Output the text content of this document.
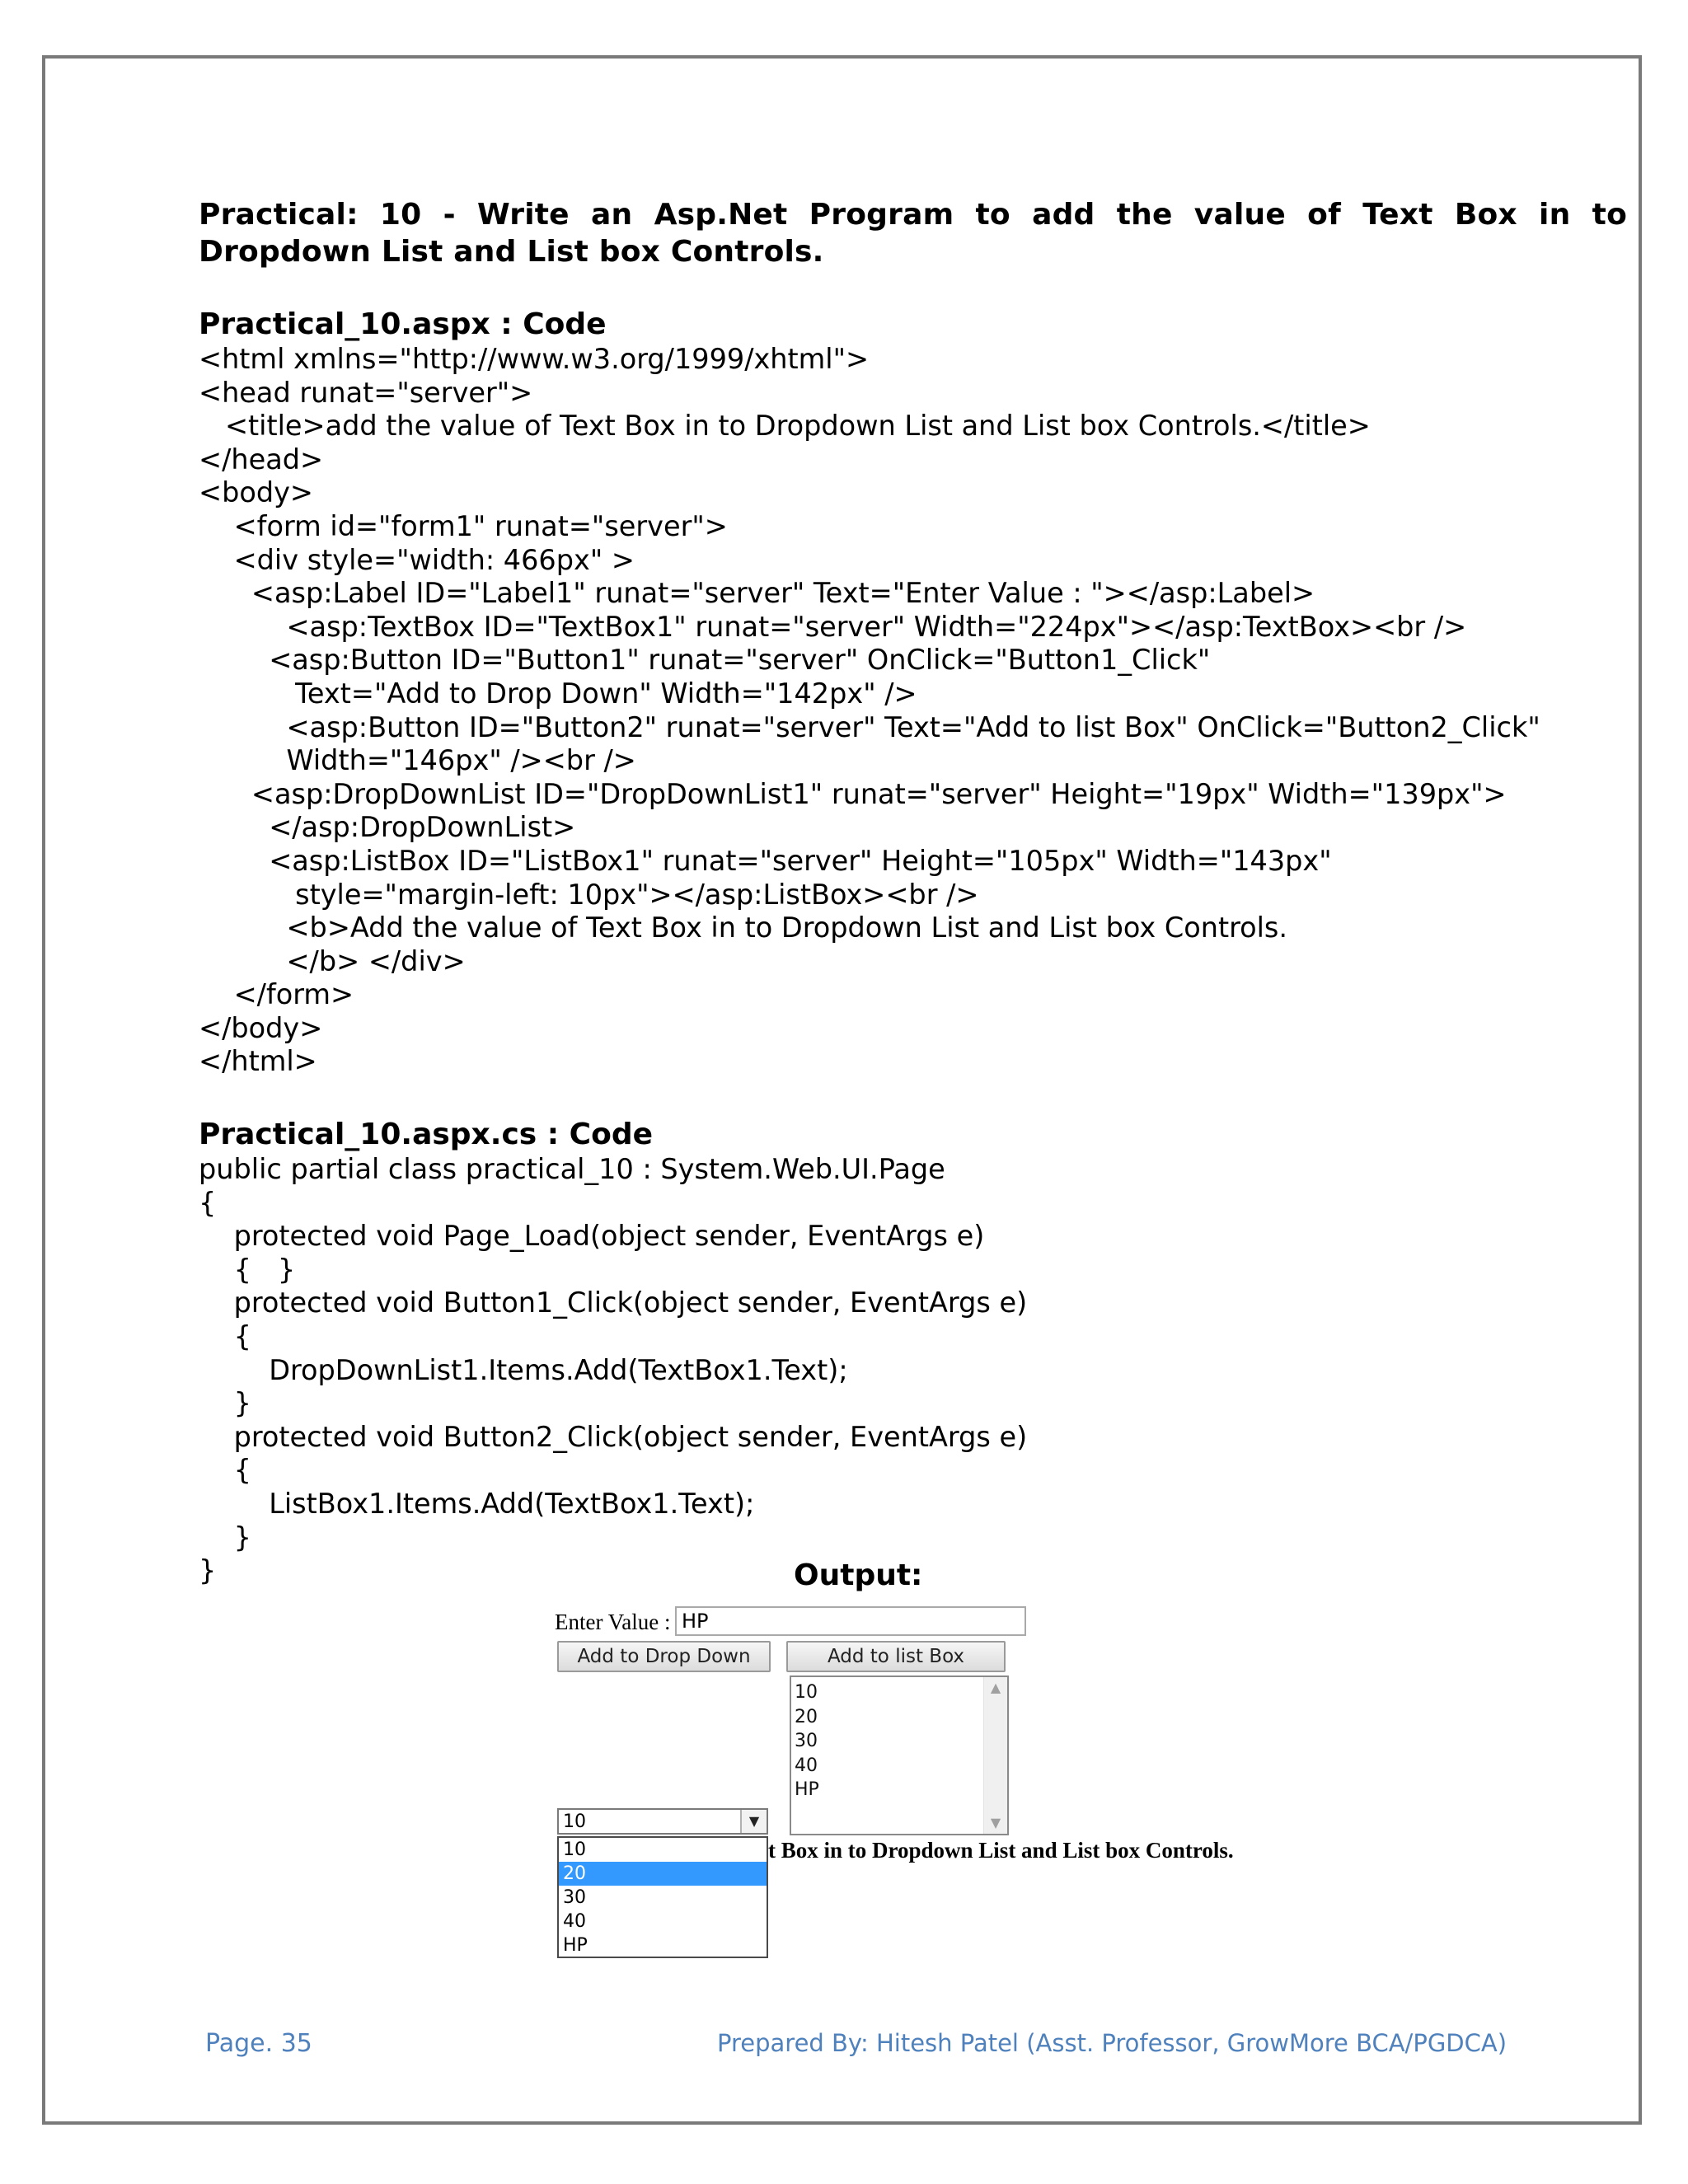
Practical: 10 - Write an Asp.Net Program to add the value of Text Box in to
Dropdown List and List box Controls.
Practical_10.aspx : Code
<html xmlns="http://www.w3.org/1999/xhtml">
<head runat="server">
<title>add the value of Text Box in to Dropdown List and List box Controls.</title>
</head>
<body>
<form id="form1" runat="server">
<div style="width: 466px" >
<asp:Label ID="Label1" runat="server" Text="Enter Value : "></asp:Label>
<asp:TextBox ID="TextBox1" runat="server" Width="224px"></asp:TextBox><br />
<asp:Button ID="Button1" runat="server" OnClick="Button1_Click"
Text="Add to Drop Down" Width="142px" />
<asp:Button ID="Button2" runat="server" Text="Add to list Box" OnClick="Button2_Click"
Width="146px" /><br />
<asp:DropDownList ID="DropDownList1" runat="server" Height="19px" Width="139px">
</asp:DropDownList>
<asp:ListBox ID="ListBox1" runat="server" Height="105px" Width="143px"
style="margin-left: 10px"></asp:ListBox><br />
<b>Add the value of Text Box in to Dropdown List and List box Controls.
</b> </div>
</form>
</body>
</html>
Practical_10.aspx.cs : Code
public partial class practical_10 : System.Web.UI.Page
{
protected void Page_Load(object sender, EventArgs e)
{   }
protected void Button1_Click(object sender, EventArgs e)
{
DropDownList1.Items.Add(TextBox1.Text);
}
protected void Button2_Click(object sender, EventArgs e)
{
ListBox1.Items.Add(TextBox1.Text);
}
}	Output:
Enter Value : HP
Add to Drop Down	Add to list Box
10
20
30
40
HP
▲
▼
10	▼
t Box in to Dropdown List and List box Controls.
10
20
30
40
HP
Page. 35	Prepared By: Hitesh Patel (Asst. Professor, GrowMore BCA/PGDCA)
